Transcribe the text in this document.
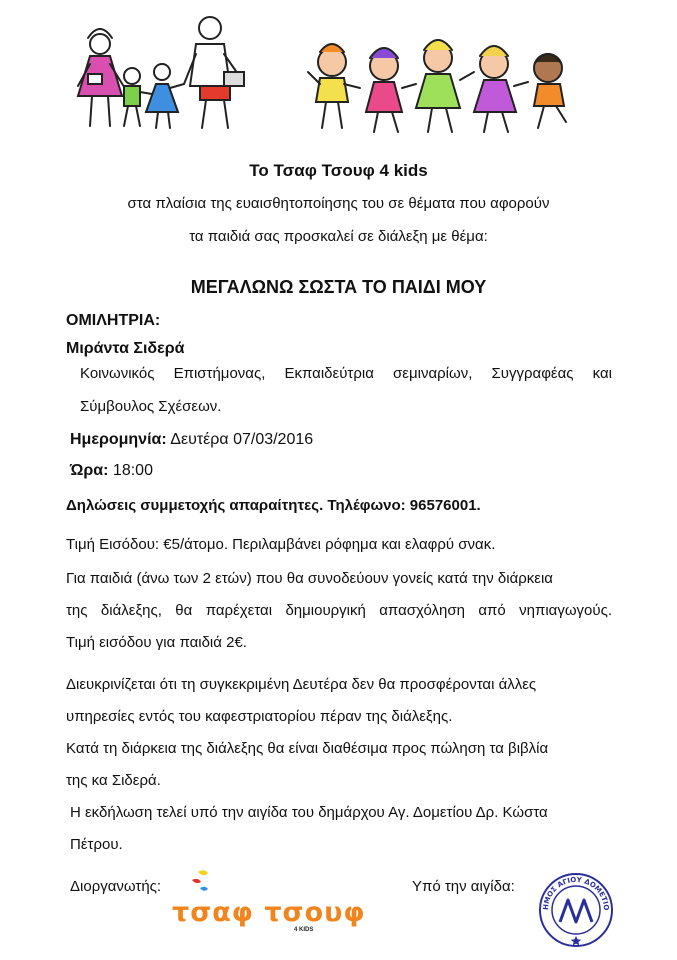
Το Τσαφ Τσουφ 4 kids
στα πλαίσια της ευαισθητοποίησης του σε θέματα που αφορούν
τα παιδιά σας προσκαλεί σε διάλεξη με θέμα:
ΜΕΓΑΛΩΝΩ ΣΩΣΤΑ ΤΟ ΠΑΙΔΙ ΜΟΥ
ΟΜΙΛΗΤΡΙΑ:
Μιράντα Σιδερά
Κοινωνικός Επιστήμονας, Εκπαιδεύτρια σεμιναρίων, Συγγραφέας και
Σύμβουλος Σχέσεων.
Ημερομηνία: Δευτέρα 07/03/2016
Ώρα: 18:00
Δηλώσεις συμμετοχής απαραίτητες. Τηλέφωνο: 96576001.
Τιμή Εισόδου: €5/άτομο. Περιλαμβάνει ρόφημα και ελαφρύ σνακ.
Για παιδιά (άνω των 2 ετών) που θα συνοδεύουν γονείς κατά την διάρκεια
της διάλεξης, θα παρέχεται δημιουργική απασχόληση από νηπιαγωγούς.
Τιμή εισόδου για παιδιά 2€.
Διευκρινίζεται ότι τη συγκεκριμένη Δευτέρα δεν θα προσφέρονται άλλες
υπηρεσίες εντός του καφεστριατορίου πέραν της διάλεξης.
Κατά τη διάρκεια της διάλεξης θα είναι διαθέσιμα προς πώληση τα βιβλία
της κα Σιδερά.
Η εκδήλωση τελεί υπό την αιγίδα του δημάρχου Αγ. Δομετίου Δρ. Κώστα
Πέτρου.
Διοργανωτής:
τσαφ τσουφ
4 KIDS
Υπό την αιγίδα:
ΔΗΜΟΣ ΑΓΙΟΥ ΔΟΜΕΤΙΟΥ
